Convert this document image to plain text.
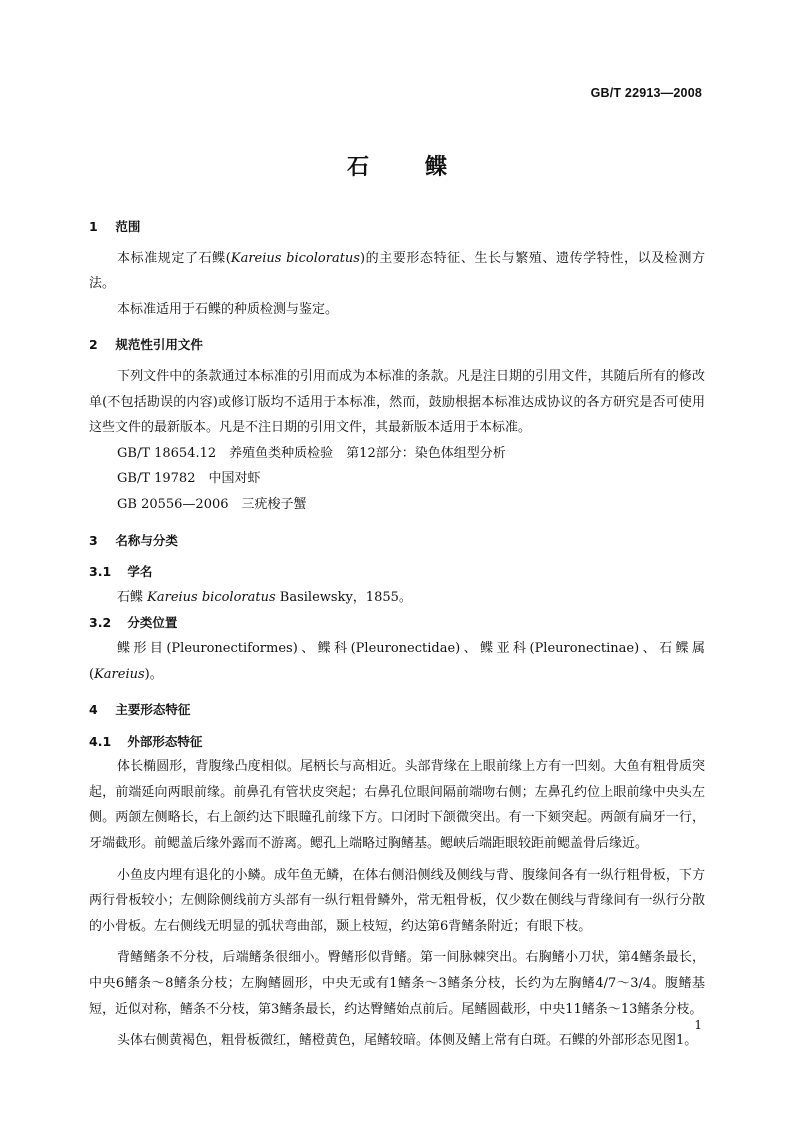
GB/T 22913—2008
石鲽

1 范围

本标准规定了石鲽(Kareius bicoloratus)的主要形态特征、生长与繁殖、遗传学特性，以及检测方法。

本标准适用于石鲽的种质检测与鉴定。

2 规范性引用文件

下列文件中的条款通过本标准的引用而成为本标准的条款。凡是注日期的引用文件，其随后所有的修改单(不包括勘误的内容)或修订版均不适用于本标准，然而，鼓励根据本标准达成协议的各方研究是否可使用这些文件的最新版本。凡是不注日期的引用文件，其最新版本适用于本标准。

GB/T 18654.12　 养殖鱼类种质检验　第12部分：染色体组型分析

GB/T 19782　 中国对虾

GB 20556—2006　 三疣梭子蟹

3 名称与分类

3.1 学名

石鲽 Kareius bicoloratus Basilewsky，1855。

3.2 分类位置

鲽形目(Pleuronectiformes)、鲽科(Pleuronectidae)、鲽亚科(Pleuronectinae)、石鲽属(Kareius)。

4 主要形态特征

4.1 外部形态特征

体长椭圆形，背腹缘凸度相似。尾柄长与高相近。头部背缘在上眼前缘上方有一凹刻。大鱼有粗骨质突起，前端延向两眼前缘。前鼻孔有管状皮突起；右鼻孔位眼间隔前端吻右侧；左鼻孔约位上眼前缘中央头左侧。两颌左侧略长，右上颌约达下眼瞳孔前缘下方。口闭时下颌微突出。有一下颏突起。两颌有扁牙一行，牙端截形。前鳃盖后缘外露而不游离。鳃孔上端略过胸鳍基。鳃峡后端距眼较距前鳃盖骨后缘近。

小鱼皮内埋有退化的小鳞。成年鱼无鳞，在体右侧沿侧线及侧线与背、腹缘间各有一纵行粗骨板，下方两行骨板较小；左侧除侧线前方头部有一纵行粗骨鳞外，常无粗骨板，仅少数在侧线与背缘间有一纵行分散的小骨板。左右侧线无明显的弧状弯曲部，颞上枝短，约达第6背鳍条附近；有眼下枝。

背鳍鳍条不分枝，后端鳍条很细小。臀鳍形似背鳍。第一间脉棘突出。右胸鳍小刀状，第4鳍条最长，中央6鳍条～8鳍条分枝；左胸鳍圆形，中央无或有1鳍条～3鳍条分枝，长约为左胸鳍4/7～3/4。腹鳍基短，近似对称，鳍条不分枝，第3鳍条最长，约达臀鳍始点前后。尾鳍圆截形，中央11鳍条～13鳍条分枝。

头体右侧黄褐色，粗骨板微红，鳍橙黄色，尾鳍较暗。体侧及鳍上常有白斑。石鲽的外部形态见图1。

1
